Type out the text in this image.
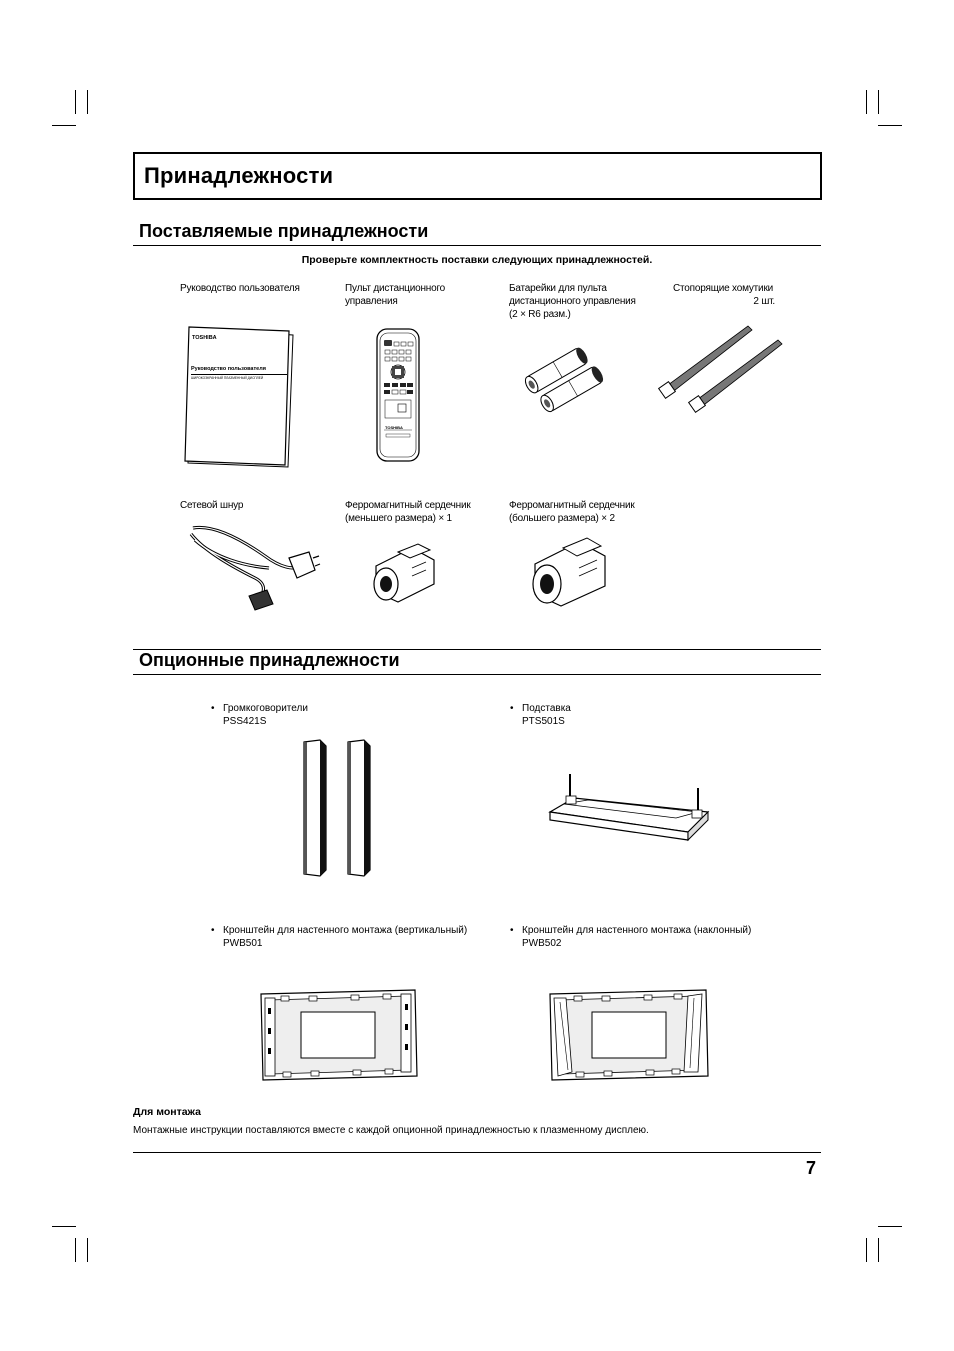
Принадлежности
Поставляемые принадлежности
Проверьте комплектность поставки следующих принадлежностей.
Руководство пользователя	Пульт дистанционного
управления
Батарейки для пульта
дистанционного управления
(2 × R6 разм.)
Стопорящие хомутики
2 шт.
TOSHIBA
Руководство пользователя
ШИРОКОЭКРАННЫЙ ПЛАЗМЕННЫЙ ДИСПЛЕЙ
TOSHIBA
Сетевой шнур	Ферромагнитный сердечник
(меньшего размера) × 1
Ферромагнитный сердечник
(большего размера) × 2
Опционные принадлежности
• Громкоговорители
PSS421S
• Подставка
PTS501S
• Кронштейн для настенного монтажа (вертикальный)
PWB501
• Кронштейн для настенного монтажа (наклонный)
PWB502
Для монтажа
Монтажные инструкции поставляются вместе с каждой опционной принадлежностью к плазменному дисплею.
7
